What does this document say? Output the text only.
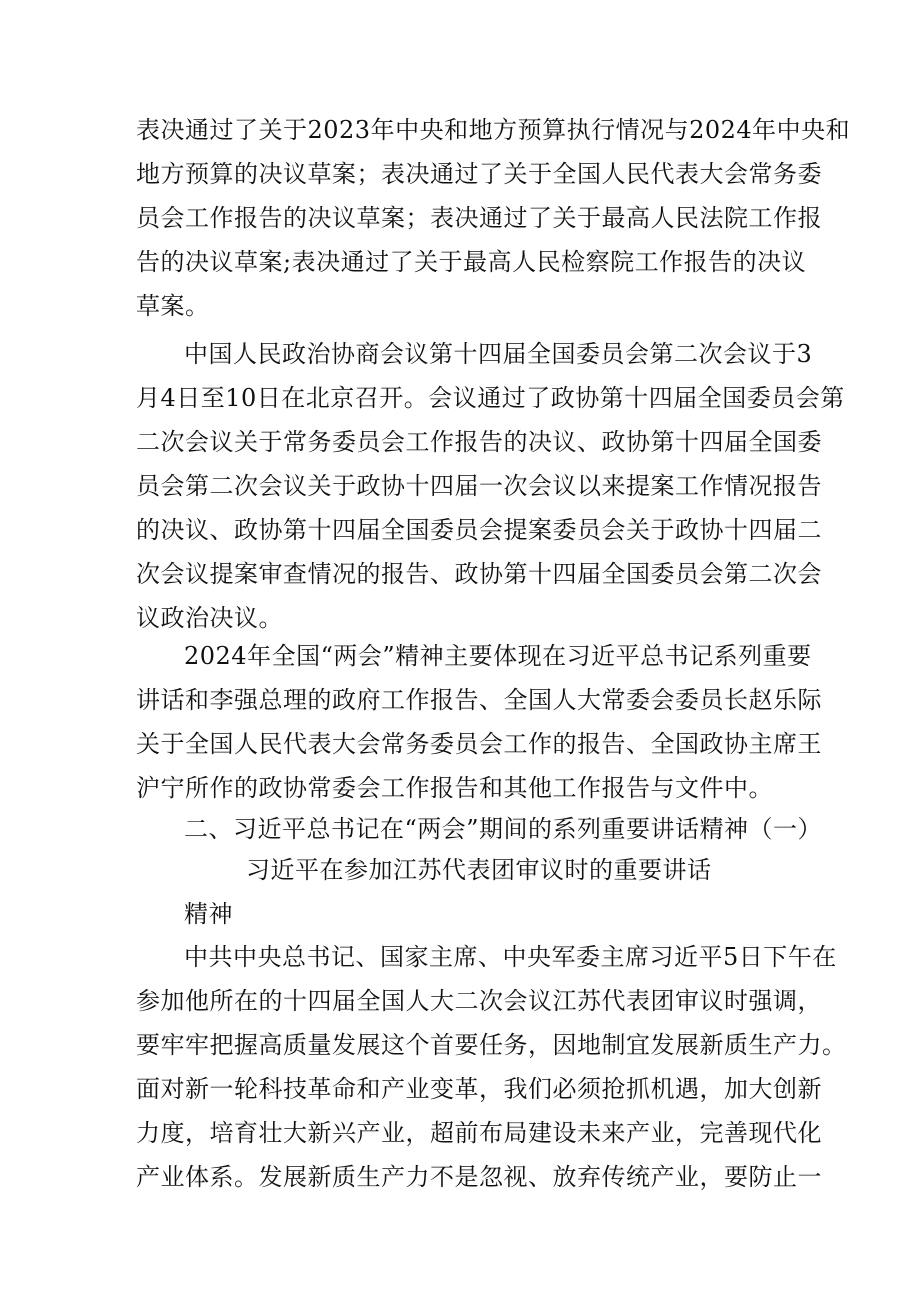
表决通过了关于2023年中央和地方预算执行情况与2024年中央和
地方预算的决议草案；表决通过了关于全国人民代表大会常务委
员会工作报告的决议草案；表决通过了关于最高人民法院工作报
告的决议草案;表决通过了关于最高人民检察院工作报告的决议
草案。
中国人民政治协商会议第十四届全国委员会第二次会议于3
月4日至10日在北京召开。会议通过了政协第十四届全国委员会第
二次会议关于常务委员会工作报告的决议、政协第十四届全国委
员会第二次会议关于政协十四届一次会议以来提案工作情况报告
的决议、政协第十四届全国委员会提案委员会关于政协十四届二
次会议提案审查情况的报告、政协第十四届全国委员会第二次会
议政治决议。
2024年全国“两会”精神主要体现在习近平总书记系列重要
讲话和李强总理的政府工作报告、全国人大常委会委员长赵乐际
关于全国人民代表大会常务委员会工作的报告、全国政协主席王
沪宁所作的政协常委会工作报告和其他工作报告与文件中。
二、习近平总书记在“两会”期间的系列重要讲话精神（一）
习近平在参加江苏代表团审议时的重要讲话
精神
中共中央总书记、国家主席、中央军委主席习近平5日下午在
参加他所在的十四届全国人大二次会议江苏代表团审议时强调，
要牢牢把握高质量发展这个首要任务，因地制宜发展新质生产力。
面对新一轮科技革命和产业变革，我们必须抢抓机遇，加大创新
力度，培育壮大新兴产业，超前布局建设未来产业，完善现代化
产业体系。发展新质生产力不是忽视、放弃传统产业，要防止一
